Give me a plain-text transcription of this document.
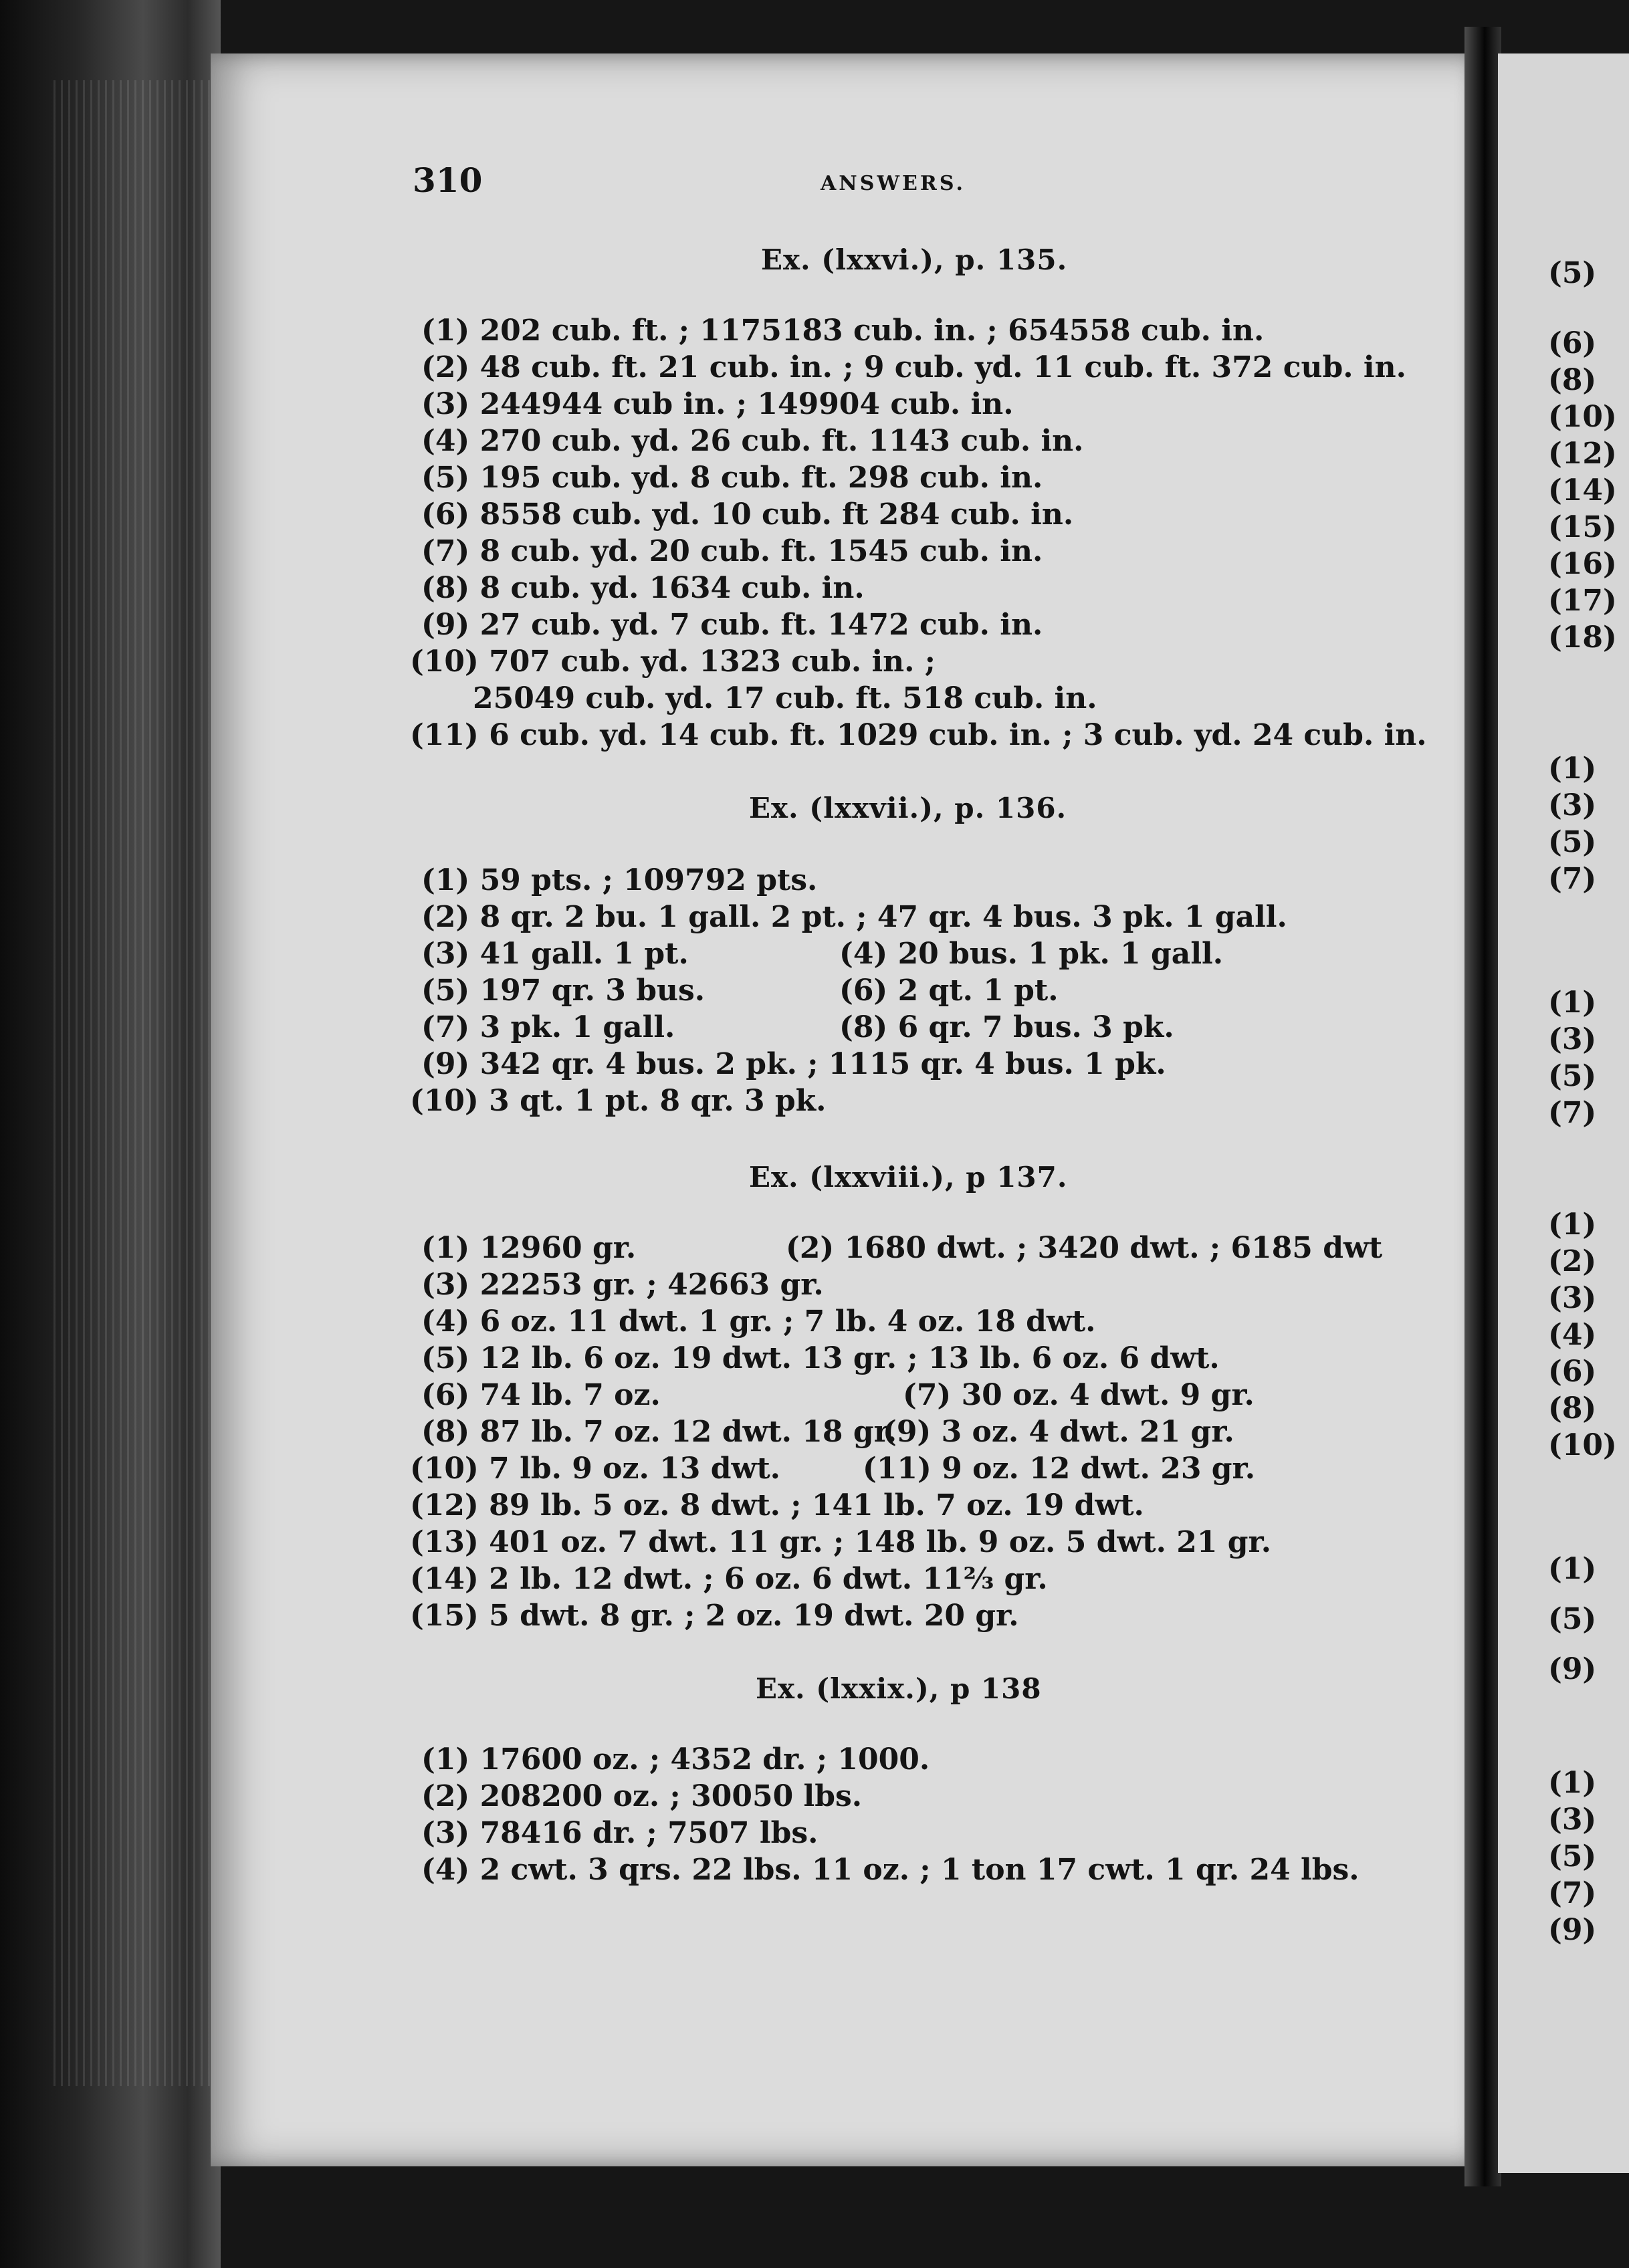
310	ANSWERS.
Ex. (lxxvi.), p. 135.
(1) 202 cub. ft. ; 1175183 cub. in. ; 654558 cub. in.
(2) 48 cub. ft. 21 cub. in. ; 9 cub. yd. 11 cub. ft. 372 cub. in.
(3) 244944 cub in. ; 149904 cub. in.
(4) 270 cub. yd. 26 cub. ft. 1143 cub. in.
(5) 195 cub. yd. 8 cub. ft. 298 cub. in.
(6) 8558 cub. yd. 10 cub. ft 284 cub. in.
(7) 8 cub. yd. 20 cub. ft. 1545 cub. in.
(8) 8 cub. yd. 1634 cub. in.
(9) 27 cub. yd. 7 cub. ft. 1472 cub. in.
(10) 707 cub. yd. 1323 cub. in. ;
25049 cub. yd. 17 cub. ft. 518 cub. in.
(11) 6 cub. yd. 14 cub. ft. 1029 cub. in. ; 3 cub. yd. 24 cub. in.
Ex. (lxxvii.), p. 136.
(1) 59 pts. ; 109792 pts.
(2) 8 qr. 2 bu. 1 gall. 2 pt. ; 47 qr. 4 bus. 3 pk. 1 gall.
(3) 41 gall. 1 pt.	(4) 20 bus. 1 pk. 1 gall.
(5) 197 qr. 3 bus.	(6) 2 qt. 1 pt.
(7) 3 pk. 1 gall.	(8) 6 qr. 7 bus. 3 pk.
(9) 342 qr. 4 bus. 2 pk. ; 1115 qr. 4 bus. 1 pk.
(10) 3 qt. 1 pt. 8 qr. 3 pk.
Ex. (lxxviii.), p 137.
(1) 12960 gr.	(2) 1680 dwt. ; 3420 dwt. ; 6185 dwt
(3) 22253 gr. ; 42663 gr.
(4) 6 oz. 11 dwt. 1 gr. ; 7 lb. 4 oz. 18 dwt.
(5) 12 lb. 6 oz. 19 dwt. 13 gr. ; 13 lb. 6 oz. 6 dwt.
(6) 74 lb. 7 oz.	(7) 30 oz. 4 dwt. 9 gr.
(8) 87 lb. 7 oz. 12 dwt. 18 gr.
(9) 3 oz. 4 dwt. 21 gr.
(10) 7 lb. 9 oz. 13 dwt.	(11) 9 oz. 12 dwt. 23 gr.
(12) 89 lb. 5 oz. 8 dwt. ; 141 lb. 7 oz. 19 dwt.
(13) 401 oz. 7 dwt. 11 gr. ; 148 lb. 9 oz. 5 dwt. 21 gr.
(14) 2 lb. 12 dwt. ; 6 oz. 6 dwt. 11⅔ gr.
(15) 5 dwt. 8 gr. ; 2 oz. 19 dwt. 20 gr.
Ex. (lxxix.), p 138
(1) 17600 oz. ; 4352 dr. ; 1000.
(2) 208200 oz. ; 30050 lbs.
(3) 78416 dr. ; 7507 lbs.
(4) 2 cwt. 3 qrs. 22 lbs. 11 oz. ; 1 ton 17 cwt. 1 qr. 24 lbs.
(5)
(6)
(8)
(10)
(12)
(14)
(15)
(16)
(17)
(18)
(1)
(3)
(5)
(7)
(1)
(3)
(5)
(7)
(1)
(2)
(3)
(4)
(6)
(8)
(10)
(1)
(5)
(9)
(1)
(3)
(5)
(7)
(9)
